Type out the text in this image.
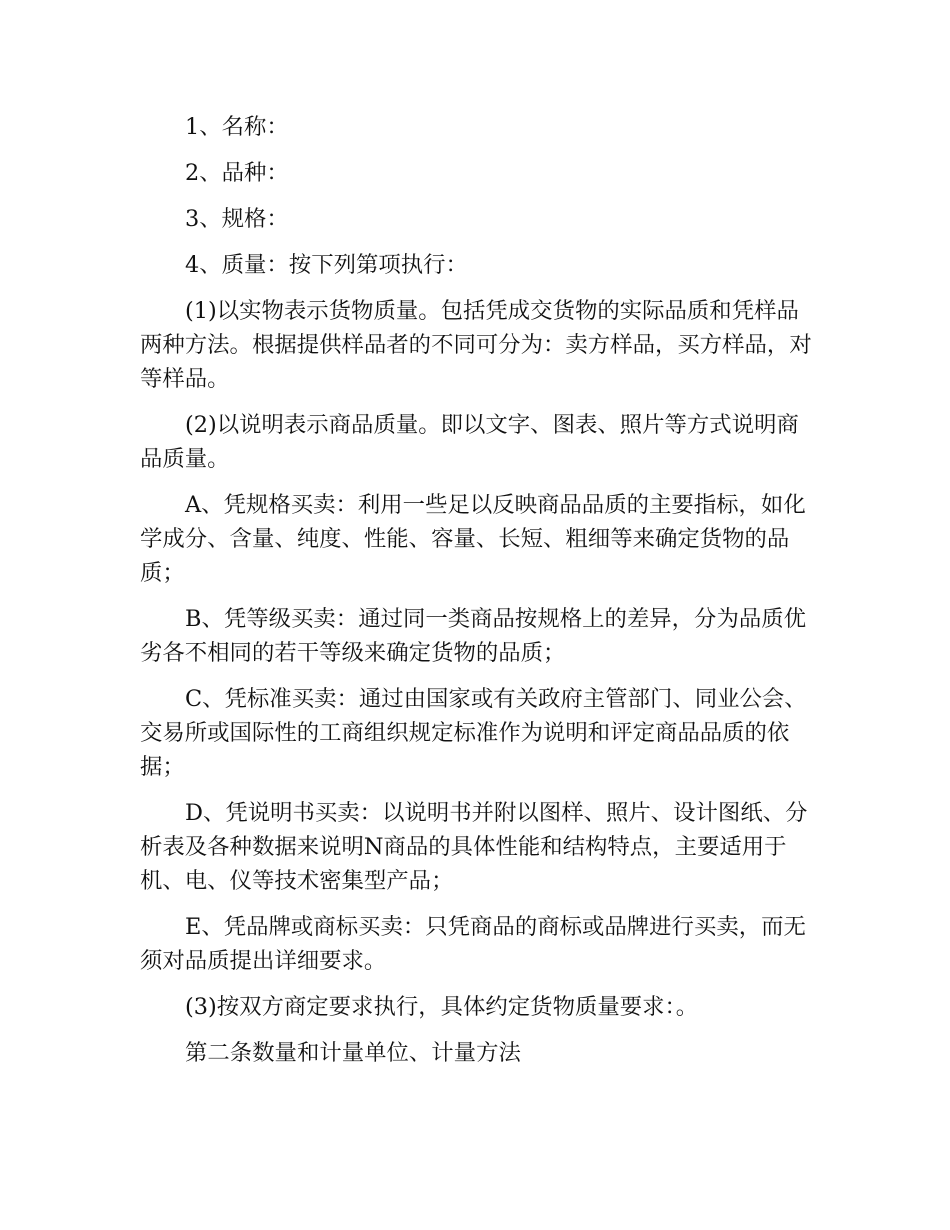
1、名称：

2、品种：

3、规格：

4、质量：按下列第项执行：

(1)以实物表示货物质量。包括凭成交货物的实际品质和凭样品两种方法。根据提供样品者的不同可分为：卖方样品，买方样品，对等样品。

(2)以说明表示商品质量。即以文字、图表、照片等方式说明商品质量。

A、凭规格买卖：利用一些足以反映商品品质的主要指标，如化学成分、含量、纯度、性能、容量、长短、粗细等来确定货物的品质；

B、凭等级买卖：通过同一类商品按规格上的差异，分为品质优劣各不相同的若干等级来确定货物的品质；

C、凭标准买卖：通过由国家或有关政府主管部门、同业公会、交易所或国际性的工商组织规定标准作为说明和评定商品品质的依据；

D、凭说明书买卖：以说明书并附以图样、照片、设计图纸、分析表及各种数据来说明N商品的具体性能和结构特点，主要适用于机、电、仪等技术密集型产品；

E、凭品牌或商标买卖：只凭商品的商标或品牌进行买卖，而无须对品质提出详细要求。

(3)按双方商定要求执行，具体约定货物质量要求：。

第二条数量和计量单位、计量方法
